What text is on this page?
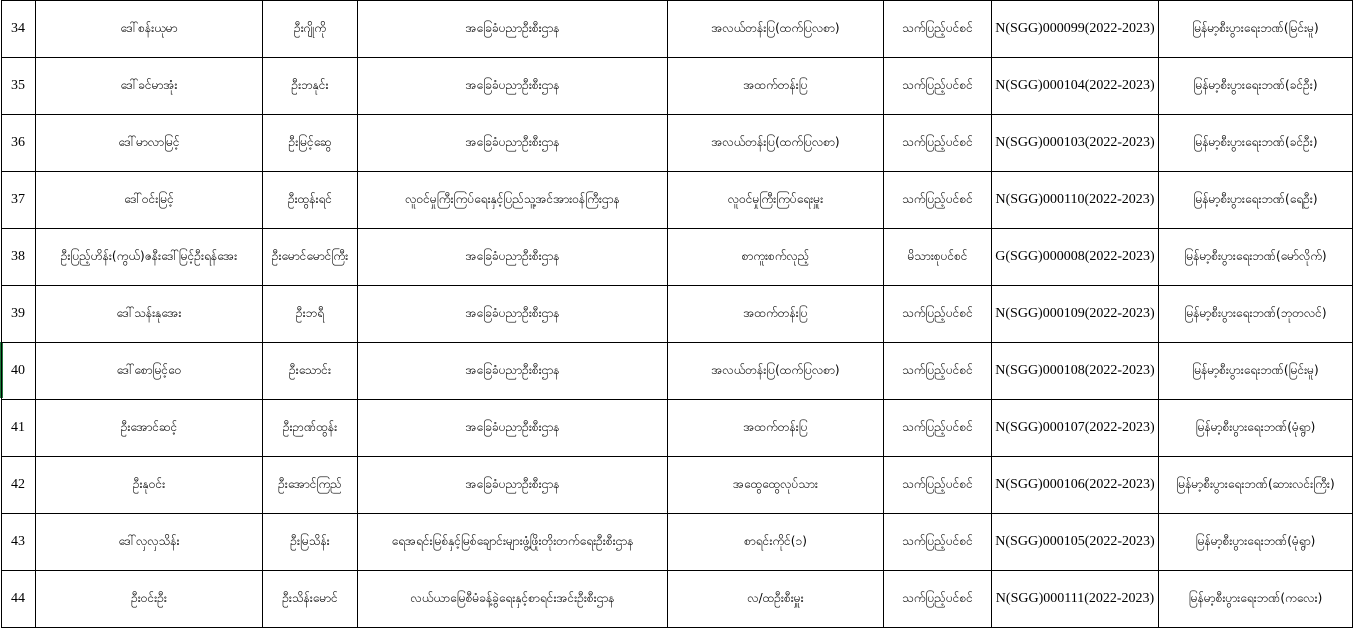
34	ဒေါ်စန်းယုမာ	ဦးဂျိုကို	အခြေခံပညာဦးစီးဌာန	အလယ်တန်းပြ(ထက်ပြလစာ)	သက်ပြည့်ပင်စင်	N(SGG)000099(2022-2023)	မြန်မာ့စီးပွားရေးဘဏ်(မြင်းမူ)
35	ဒေါ်ခင်မာအုံး	ဦးဘနုင်း	အခြေခံပညာဦးစီးဌာန	အထက်တန်းပြ	သက်ပြည့်ပင်စင်	N(SGG)000104(2022-2023)	မြန်မာ့စီးပွားရေးဘဏ်(ခင်ဦး)
36	ဒေါ်မာလာမြင့်	ဦးမြင့်ဆွေ	အခြေခံပညာဦးစီးဌာန	အလယ်တန်းပြ(ထက်ပြလစာ)	သက်ပြည့်ပင်စင်	N(SGG)000103(2022-2023)	မြန်မာ့စီးပွားရေးဘဏ်(ခင်ဦး)
37	ဒေါ်ဝင်းမြင့်	ဦးထွန်းရင်	လူဝင်မှုကြီးကြပ်ရေးနှင့်ပြည်သူ့အင်အားဝန်ကြီးဌာန	လူဝင်မှုကြီးကြပ်ရေးမှူး	သက်ပြည့်ပင်စင်	N(SGG)000110(2022-2023)	မြန်မာ့စီးပွားရေးဘဏ်(ရေဦး)
38	ဦးပြည့်ဟိန်း(ကွယ်)ဇနီးဒေါ်မြင့်ဦးရန်အေး	ဦးမောင်မောင်ကြီး	အခြေခံပညာဦးစီးဌာန	စာကူးစက်လုည့်	မိသားစုပင်စင်	G(SGG)000008(2022-2023)	မြန်မာ့စီးပွားရေးဘဏ်(မော်လိုက်)
39	ဒေါ်သန်းနုအေး	ဦးဘရီ	အခြေခံပညာဦးစီးဌာန	အထက်တန်းပြ	သက်ပြည့်ပင်စင်	N(SGG)000109(2022-2023)	မြန်မာ့စီးပွားရေးဘဏ်(ဘုတလင်)
40	ဒေါ်စောမြင့်ဝေ	ဦးသောင်း	အခြေခံပညာဦးစီးဌာန	အလယ်တန်းပြ(ထက်ပြလစာ)	သက်ပြည့်ပင်စင်	N(SGG)000108(2022-2023)	မြန်မာ့စီးပွားရေးဘဏ်(မြင်းမူ)
41	ဦးအောင်ဆင့်	ဦးဉာဏ်ထွန်း	အခြေခံပညာဦးစီးဌာန	အထက်တန်းပြ	သက်ပြည့်ပင်စင်	N(SGG)000107(2022-2023)	မြန်မာ့စီးပွားရေးဘဏ်(မုံရွာ)
42	ဦးနုဝင်း	ဦးအောင်ကြည်	အခြေခံပညာဦးစီးဌာန	အထွေထွေလုပ်သား	သက်ပြည့်ပင်စင်	N(SGG)000106(2022-2023)	မြန်မာ့စီးပွားရေးဘဏ်(ဆားလင်းကြီး)
43	ဒေါ်လှလှသိန်း	ဦးမြသိန်း	ရေအရင်းမြစ်နှင့်မြစ်ချောင်းများဖွံ့ဖြိုးတိုးတက်ရေးဦးစီးဌာန	စာရင်းကိုင်(၁)	သက်ပြည့်ပင်စင်	N(SGG)000105(2022-2023)	မြန်မာ့စီးပွားရေးဘဏ်(မုံရွာ)
44	ဦးဝင်းဦး	ဦးသိန်းမောင်	လယ်ယာမြေစီမံခန့်ခွဲရေးနှင့်စာရင်းအင်းဦးစီးဌာန	လ/ထဦးစီးမှူး	သက်ပြည့်ပင်စင်	N(SGG)000111(2022-2023)	မြန်မာ့စီးပွားရေးဘဏ်(ကလေး)
